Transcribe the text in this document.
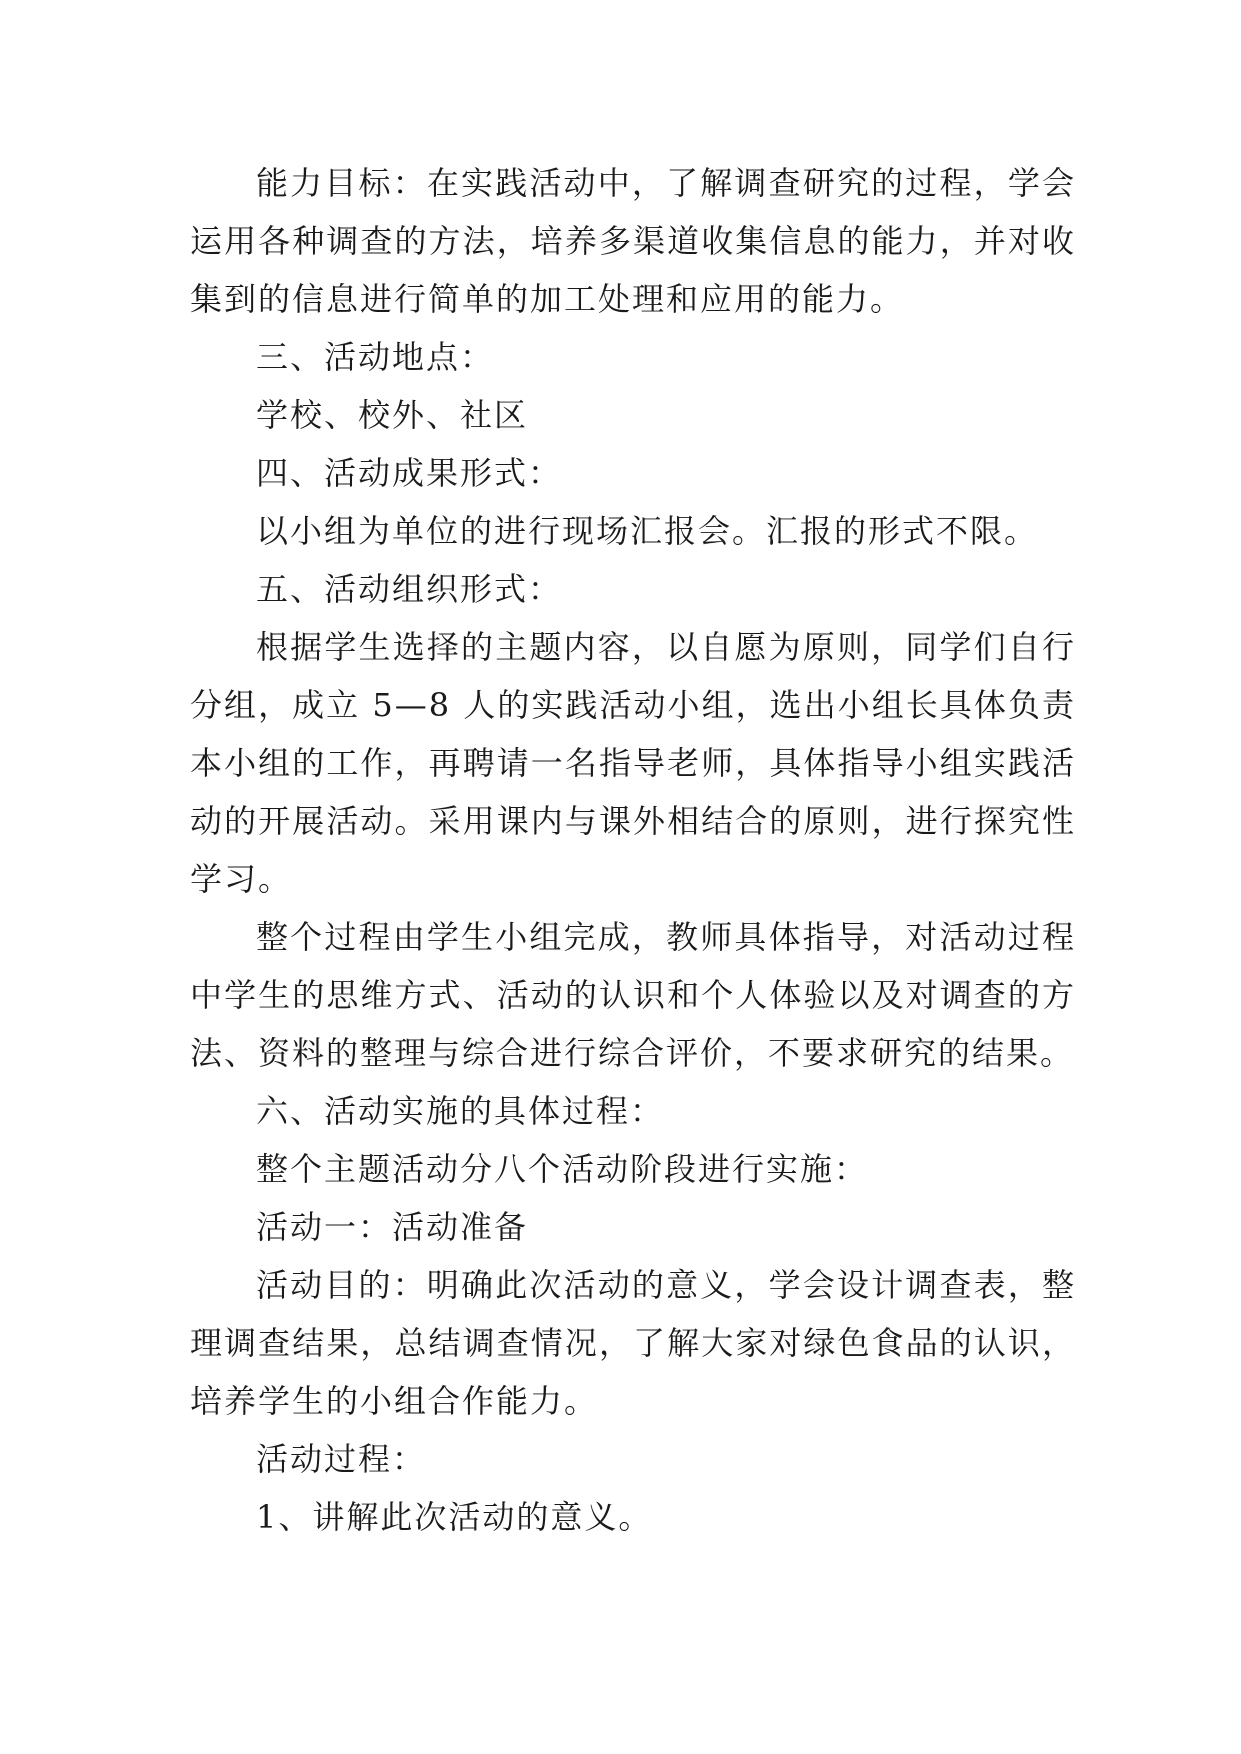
能力目标：在实践活动中，了解调查研究的过程，学会运用各种调查的方法，培养多渠道收集信息的能力，并对收集到的信息进行简单的加工处理和应用的能力。

三、活动地点：

学校、校外、社区

四、活动成果形式：

以小组为单位的进行现场汇报会。汇报的形式不限。

五、活动组织形式：

根据学生选择的主题内容，以自愿为原则，同学们自行分组，成立 5—8 人的实践活动小组，选出小组长具体负责本小组的工作，再聘请一名指导老师，具体指导小组实践活动的开展活动。采用课内与课外相结合的原则，进行探究性学习。

整个过程由学生小组完成，教师具体指导，对活动过程中学生的思维方式、活动的认识和个人体验以及对调查的方法、资料的整理与综合进行综合评价，不要求研究的结果。

六、活动实施的具体过程：

整个主题活动分八个活动阶段进行实施：

活动一：活动准备

活动目的：明确此次活动的意义，学会设计调查表，整理调查结果，总结调查情况，了解大家对绿色食品的认识，培养学生的小组合作能力。

活动过程：

1、讲解此次活动的意义。
